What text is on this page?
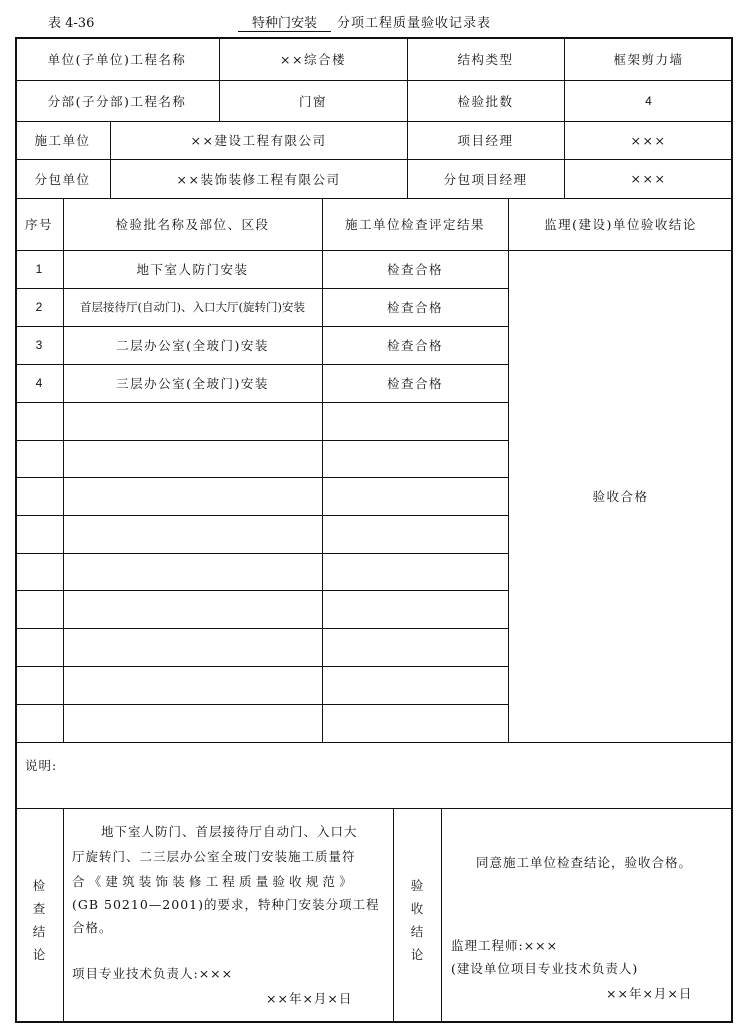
表 4-36	特种门安装 分项工程质量验收记录表
单位(子单位)工程名称	××综合楼	结构类型	框架剪力墙
分部(子分部)工程名称	门窗	检验批数	4
施工单位	××建设工程有限公司	项目经理	×××
分包单位	××装饰装修工程有限公司	分包项目经理	×××
序号	检验批名称及部位、区段	施工单位检查评定结果	监理(建设)单位验收结论
1	地下室人防门安装	检查合格
2	首层接待厅(自动门)、入口大厅(旋转门)安装	检查合格
3	二层办公室(全玻门)安装	检查合格
4	三层办公室(全玻门)安装	检查合格
验收合格
说明:
检
查
结
论
地下室人防门、首层接待厅自动门、入口大
厅旋转门、二三层办公室全玻门安装施工质量符
合《建筑装饰装修工程质量验收规范》
(GB 50210—2001)的要求，特种门安装分项工程
合格。
项目专业技术负责人:×××
××年×月×日
验
收
结
论
同意施工单位检查结论，验收合格。
监理工程师:×××
(建设单位项目专业技术负责人)
××年×月×日
